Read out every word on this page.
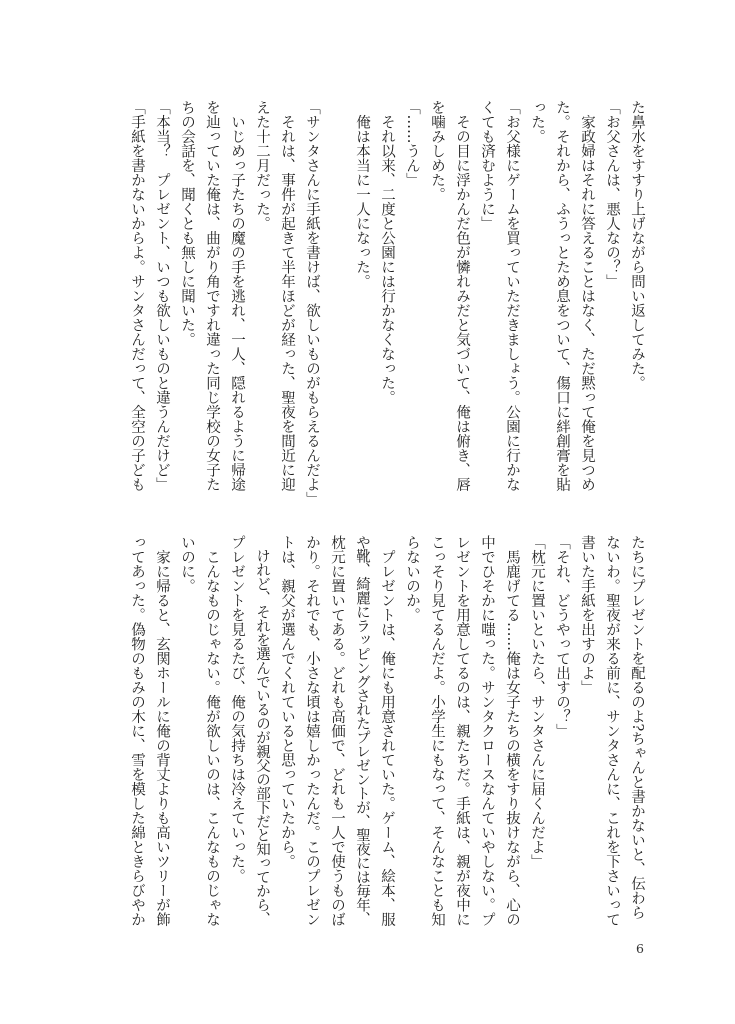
た鼻水をすすり上げながら問い返してみた。
「お父さんは、悪人なの？」
　家政婦はそれに答えることはなく、ただ黙って俺を見つめ
た。それから、ふうっとため息をついて、傷口に絆創膏を貼
った。
「お父様にゲームを買っていただきましょう。公園に行かな
くても済むように」
　その目に浮かんだ色が憐れみだと気づいて、俺は俯き、唇
を噛みしめた。
「……うん」
　それ以来、二度と公園には行かなくなった。
　俺は本当に一人になった。
「サンタさんに手紙を書けば、欲しいものがもらえるんだよ」
　それは、事件が起きて半年ほどが経った、聖夜を間近に迎
えた十二月だった。
　いじめっ子たちの魔の手を逃れ、一人、隠れるように帰途
を辿っていた俺は、曲がり角ですれ違った同じ学校の女子た
ちの会話を、聞くとも無しに聞いた。
「本当？　プレゼント、いつも欲しいものと違うんだけど」
「手紙を書かないからよ。サンタさんだって、全空の子ども
たちにプレゼントを配るのよ?ちゃんと書かないと、伝わら
ないわ。聖夜が来る前に、サンタさんに、これを下さいって
書いた手紙を出すのよ」
「それ、どうやって出すの？」
「枕元に置いといたら、サンタさんに届くんだよ」
　馬鹿げてる……俺は女子たちの横をすり抜けながら、心の
中でひそかに嗤った。サンタクロースなんていやしない。プ
レゼントを用意してるのは、親たちだ。手紙は、親が夜中に
こっそり見てるんだよ。小学生にもなって、そんなことも知
らないのか。
　プレゼントは、俺にも用意されていた。ゲーム、絵本、服
や靴、綺麗にラッピングされたプレゼントが、聖夜には毎年、
枕元に置いてある。どれも高価で、どれも一人で使うものば
かり。それでも、小さな頃は嬉しかったんだ。このプレゼン
トは、親父が選んでくれていると思っていたから。
　けれど、それを選んでいるのが親父の部下だと知ってから、
プレゼントを見るたび、俺の気持ちは冷えていった。
　こんなものじゃない。俺が欲しいのは、こんなものじゃな
いのに。
　家に帰ると、玄関ホールに俺の背丈よりも高いツリーが飾
ってあった。偽物のもみの木に、雪を模した綿ときらびやか
6
